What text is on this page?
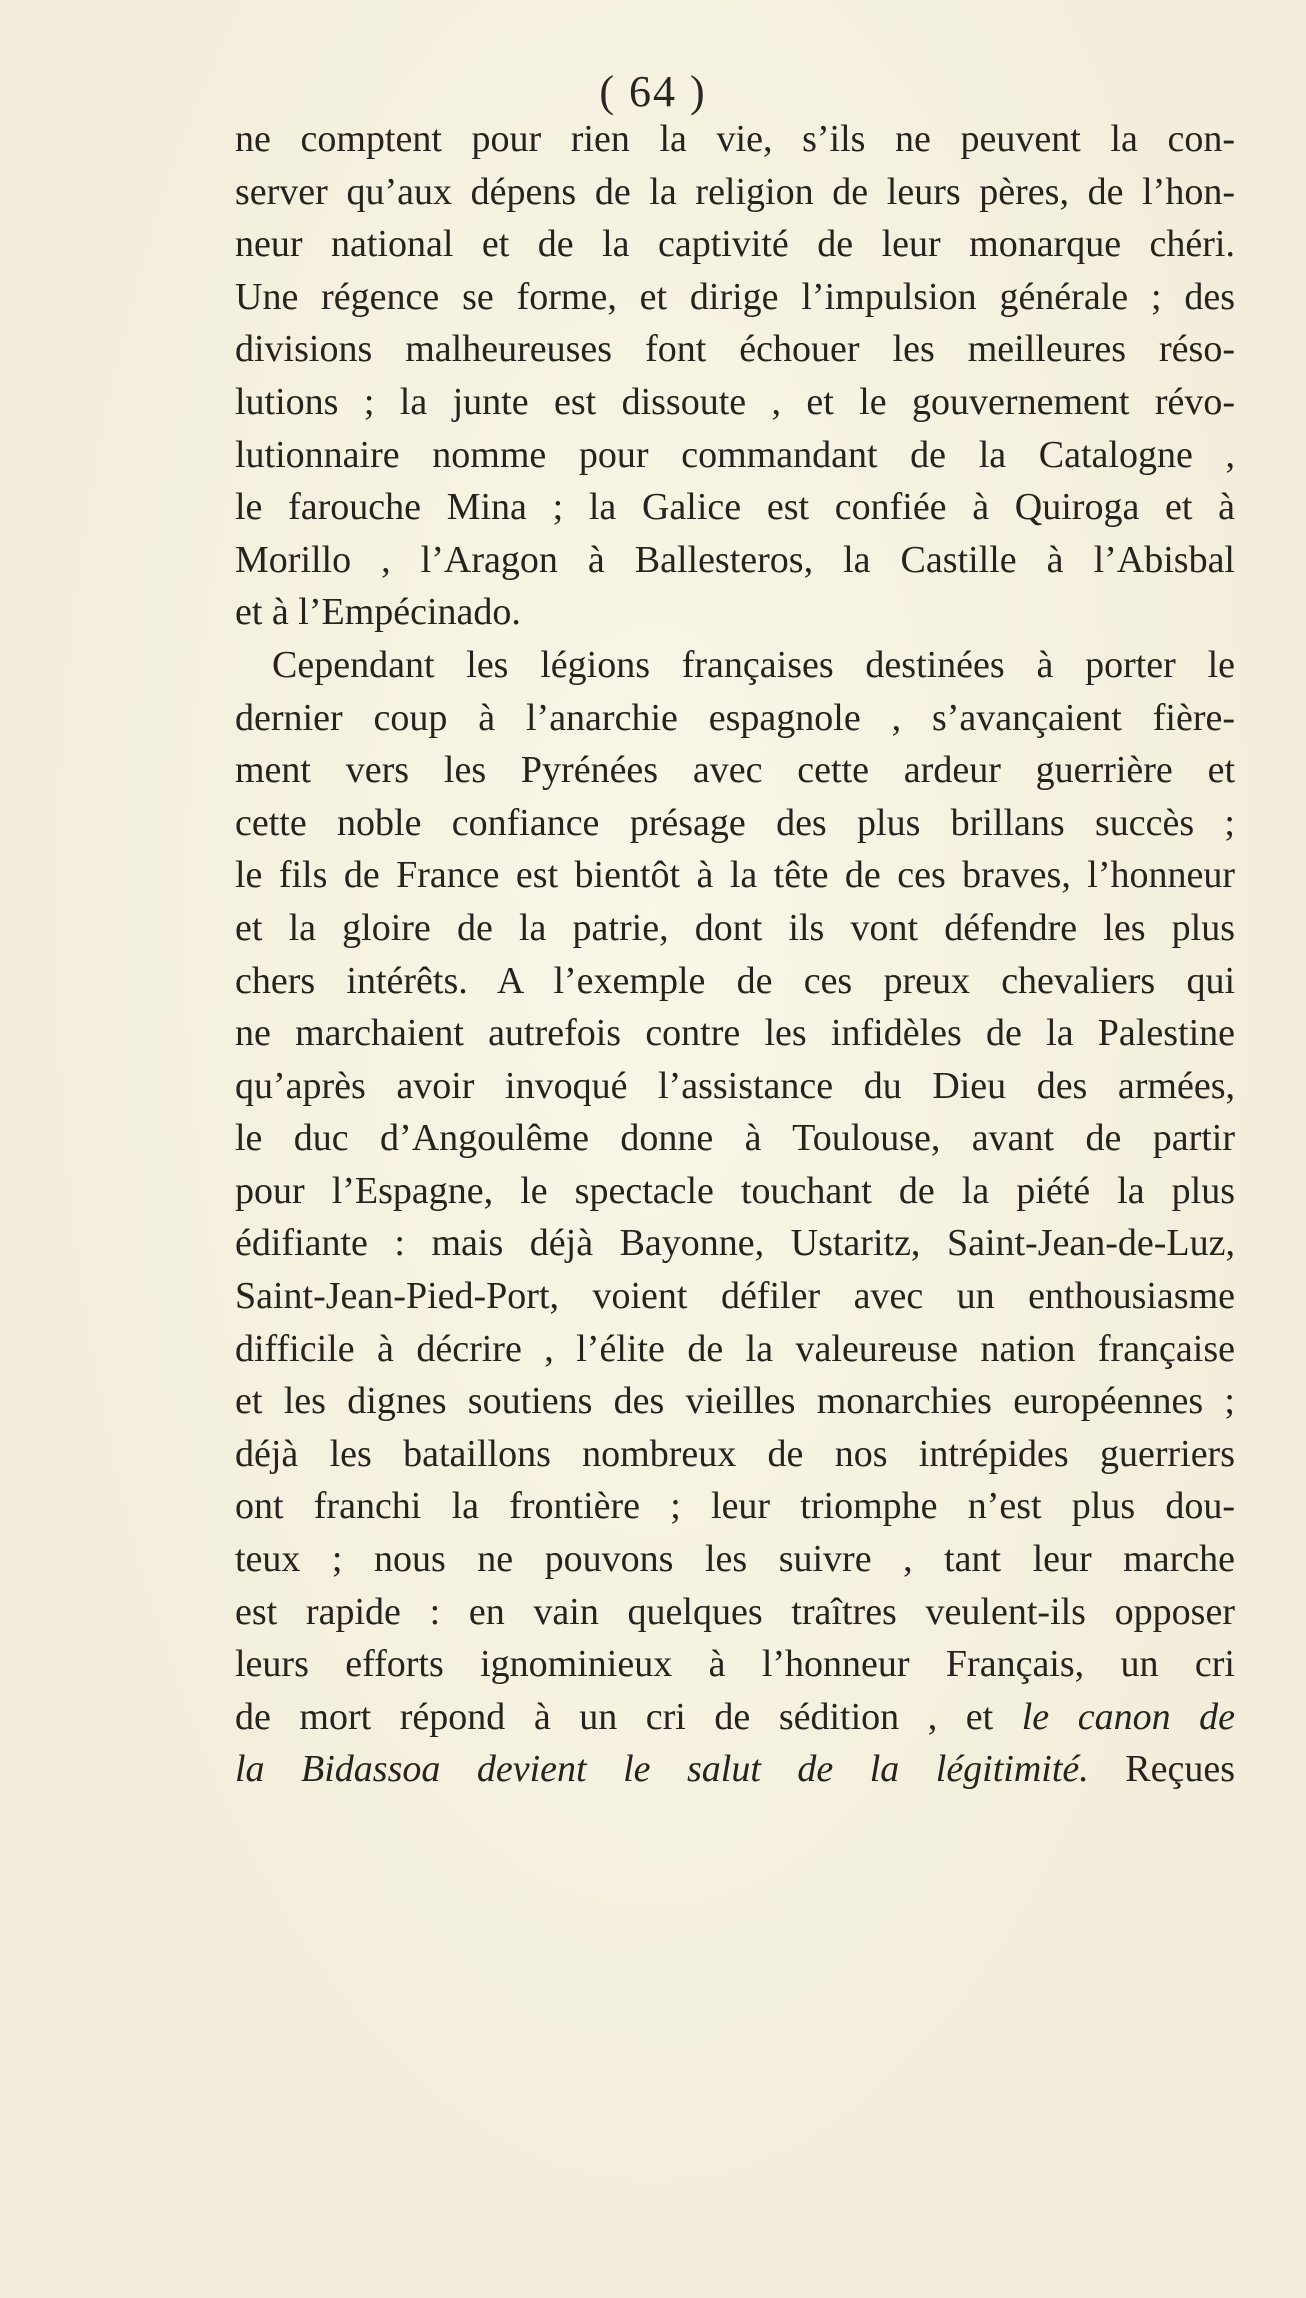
( 64 )
ne comptent pour rien la vie, s’ils ne peuvent la con-
server qu’aux dépens de la religion de leurs pères, de l’hon-
neur national et de la captivité de leur monarque chéri.
Une régence se forme, et dirige l’impulsion générale ; des
divisions malheureuses font échouer les meilleures réso-
lutions ; la junte est dissoute , et le gouvernement révo-
lutionnaire nomme pour commandant de la Catalogne ,
le farouche Mina ; la Galice est confiée à Quiroga et à
Morillo , l’Aragon à Ballesteros, la Castille à l’Abisbal
et à l’Empécinado.
Cependant les légions françaises destinées à porter le
dernier coup à l’anarchie espagnole , s’avançaient fière-
ment vers les Pyrénées avec cette ardeur guerrière et
cette noble confiance présage des plus brillans succès ;
le fils de France est bientôt à la tête de ces braves, l’honneur
et la gloire de la patrie, dont ils vont défendre les plus
chers intérêts. A l’exemple de ces preux chevaliers qui
ne marchaient autrefois contre les infidèles de la Palestine
qu’après avoir invoqué l’assistance du Dieu des armées,
le duc d’Angoulême donne à Toulouse, avant de partir
pour l’Espagne, le spectacle touchant de la piété la plus
édifiante : mais déjà Bayonne, Ustaritz, Saint-Jean-de-Luz,
Saint-Jean-Pied-Port, voient défiler avec un enthousiasme
difficile à décrire , l’élite de la valeureuse nation française
et les dignes soutiens des vieilles monarchies européennes ;
déjà les bataillons nombreux de nos intrépides guerriers
ont franchi la frontière ; leur triomphe n’est plus dou-
teux ; nous ne pouvons les suivre , tant leur marche
est rapide : en vain quelques traîtres veulent-ils opposer
leurs efforts ignominieux à l’honneur Français, un cri
de mort répond à un cri de sédition , et le canon de
la Bidassoa devient le salut de la légitimité. Reçues
